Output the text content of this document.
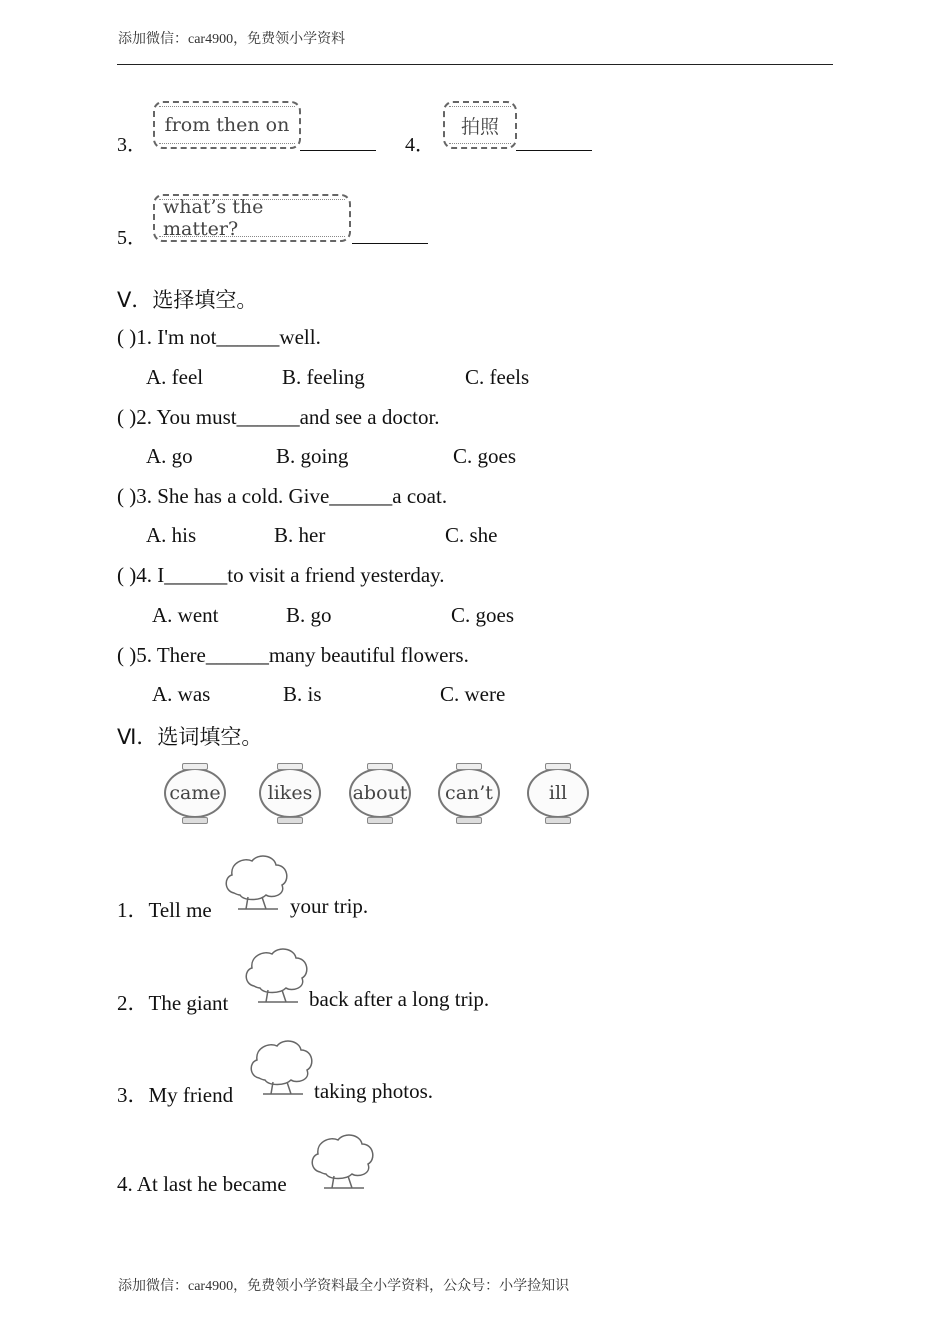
添加微信：car4900，免费领小学资料
3．
from then on
4．
拍照
5．
what’s the matter?
Ⅴ．选择填空。
( )1. I'm not______well.
A. feel	B. feeling	C. feels
( )2. You must______and see a doctor.
A. go	B. going	C. goes
( )3. She has a cold. Give______a coat.
A. his	B. her	C. she
( )4. I______to visit a friend yesterday.
A. went	B. go	C. goes
( )5. There______many beautiful flowers.
A. was	B. is	C. were
Ⅵ．选词填空。
came	likes	about	can’t	ill
1．Tell me	your trip.
2．The giant	back after a long trip.
3．My friend	taking photos.
4. At last he became
添加微信：car4900，免费领小学资料最全小学资料，公众号：小学捡知识
